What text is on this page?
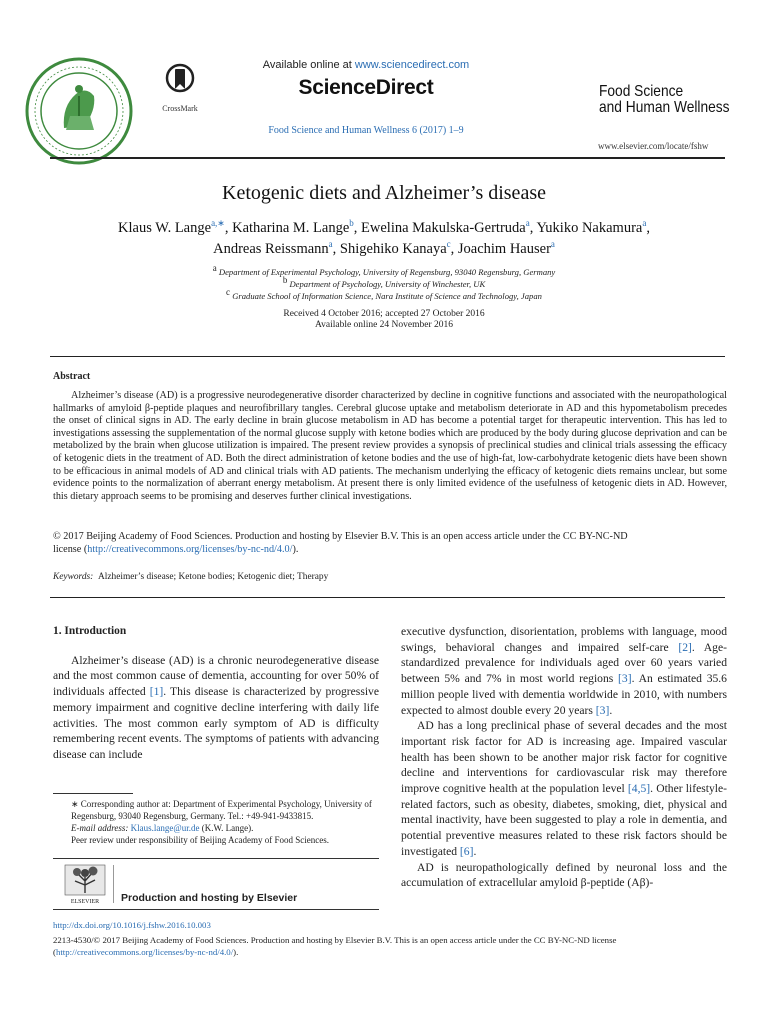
CrossMark
Available online at www.sciencedirect.com
ScienceDirect
Food Science and Human Wellness 6 (2017) 1–9
Food Science
and Human Wellness
www.elsevier.com/locate/fshw
Ketogenic diets and Alzheimer’s disease
Klaus W. Lange$^{a,∗}$, Katharina M. Lange$^b$, Ewelina Makulska-Gertruda$^a$, Yukiko Nakamura$^a$,
Andreas Reissmann$^a$, Shigehiko Kanaya$^c$, Joachim Hauser$^a$
$^a$ Department of Experimental Psychology, University of Regensburg, 93040 Regensburg, Germany
$^b$ Department of Psychology, University of Winchester, UK
$^c$ Graduate School of Information Science, Nara Institute of Science and Technology, Japan
Received 4 October 2016; accepted 27 October 2016
Available online 24 November 2016
Abstract
Alzheimer’s disease (AD) is a progressive neurodegenerative disorder characterized by decline in cognitive functions and associated with the neuropathological hallmarks of amyloid β-peptide plaques and neurofibrillary tangles. Cerebral glucose uptake and metabolism deteriorate in AD and this hypometabolism precedes the onset of clinical signs in AD. The early decline in brain glucose metabolism in AD has become a potential target for therapeutic intervention. This has led to investigations assessing the supplementation of the normal glucose supply with ketone bodies which are produced by the body during glucose deprivation and can be metabolized by the brain when glucose utilization is impaired. The present review provides a synopsis of preclinical studies and clinical trials assessing the efficacy of ketogenic diets in the treatment of AD. Both the direct administration of ketone bodies and the use of high-fat, low-carbohydrate ketogenic diets have been shown to be efficacious in animal models of AD and clinical trials with AD patients. The mechanism underlying the efficacy of ketogenic diets remains unclear, but some evidence points to the normalization of aberrant energy metabolism. At present there is only limited evidence of the usefulness of ketogenic diets in AD. However, this dietary approach seems to be promising and deserves further clinical investigations.
© 2017 Beijing Academy of Food Sciences. Production and hosting by Elsevier B.V. This is an open access article under the CC BY-NC-ND
license (http://creativecommons.org/licenses/by-nc-nd/4.0/).
Keywords: Alzheimer’s disease; Ketone bodies; Ketogenic diet; Therapy
1. Introduction

Alzheimer’s disease (AD) is a chronic neurodegenerative disease and the most common cause of dementia, accounting for over 50% of individuals affected [1]. This disease is characterized by progressive memory impairment and cognitive decline interfering with daily life activities. The most common early symptom of AD is difficulty remembering recent events. The symptoms of patients with advancing disease can include

∗ Corresponding author at: Department of Experimental Psychology, University of Regensburg, 93040 Regensburg, Germany. Tel.: +49-941-9433815.
E-mail address: Klaus.lange@ur.de (K.W. Lange).
Peer review under responsibility of Beijing Academy of Food Sciences.
ELSEVIER Production and hosting by Elsevier

executive dysfunction, disorientation, problems with language, mood swings, behavioral changes and impaired self-care [2]. Age-standardized prevalence for individuals aged over 60 years varied between 5% and 7% in most world regions [3]. An estimated 35.6 million people lived with dementia worldwide in 2010, with numbers expected to almost double every 20 years [3].

AD has a long preclinical phase of several decades and the most important risk factor for AD is increasing age. Impaired vascular health has been shown to be another major risk factor for cognitive decline and interventions for cardiovascular risk may therefore improve cognitive health at the population level [4,5]. Other lifestyle-related factors, such as obesity, diabetes, smoking, diet, physical and mental inactivity, have been suggested to play a role in dementia, and potential preventive measures related to these risk factors should be investigated [6].

AD is neuropathologically defined by neuronal loss and the accumulation of extracellular amyloid β-peptide (Aβ)-

http://dx.doi.org/10.1016/j.fshw.2016.10.003
2213-4530/© 2017 Beijing Academy of Food Sciences. Production and hosting by Elsevier B.V. This is an open access article under the CC BY-NC-ND license
(http://creativecommons.org/licenses/by-nc-nd/4.0/).
